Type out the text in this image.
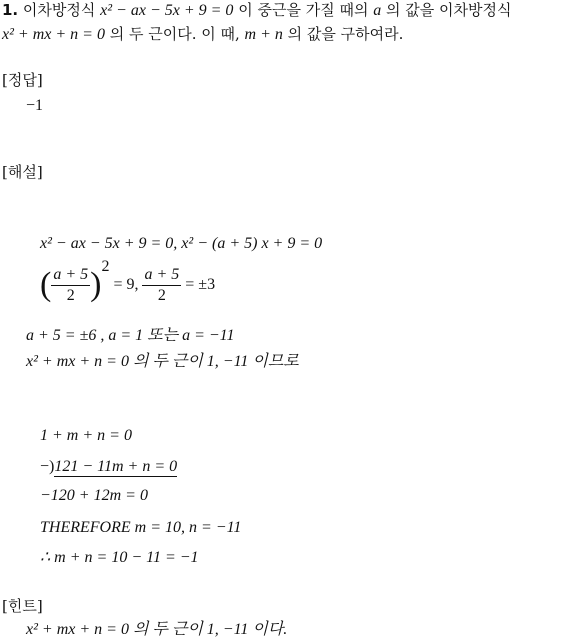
1. 이차방정식 x² − ax − 5x + 9 = 0 이 중근을 가질 때의 a 의 값을 이차방정식
x² + mx + n = 0 의 두 근이다. 이 때, m + n 의 값을 구하여라.
[정답]
−1
[해설]
x² − ax − 5x + 9 = 0, x² − (a + 5) x + 9 = 0
( $\frac{a + 5}{2} )^2 = 9$, $\frac{a + 5}{2} = \pm 3$
a + 5 = ±6 , a = 1 또는 a = −11
x² + mx + n = 0 의 두 근이 1, −11 이므로
1 + m + n = 0
−)121 − 11m + n = 0
−120 + 12m = 0
THEREFORE m = 10, n = −11
∴ m + n = 10 − 11 = −1
[힌트]
x² + mx + n = 0 의 두 근이 1, −11 이다.
